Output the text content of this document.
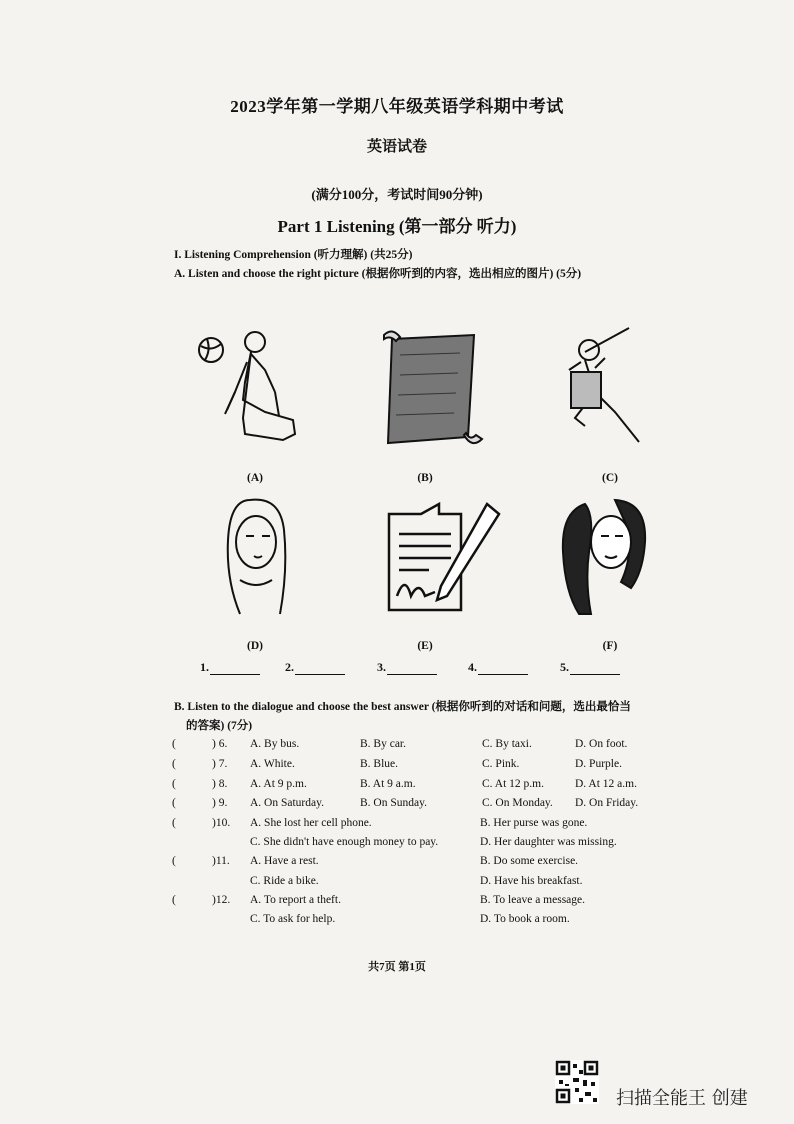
2023学年第一学期八年级英语学科期中考试
英语试卷
(满分100分，考试时间90分钟)
Part 1 Listening (第一部分 听力)
I. Listening Comprehension (听力理解) (共25分)
A. Listen and choose the right picture (根据你听到的内容，选出相应的图片) (5分)
(A)	(B)	(C)
(D)	(E)	(F)
1.	2.	3.	4.	5.
B. Listen to the dialogue and choose the best answer (根据你听到的对话和问题，选出最恰当
的答案) (7分)
(	) 6. A. By bus.	B. By car.	C. By taxi.	D. On foot.
(	) 7. A. White.	B. Blue.	C. Pink.	D. Purple.
(	) 8. A. At 9 p.m.	B. At 9 a.m.	C. At 12 p.m.	D. At 12 a.m.
(	) 9. A. On Saturday.	B. On Sunday.	C. On Monday. D. On Friday.
(	)10. A. She lost her cell phone.	B. Her purse was gone.
C. She didn't have enough money to pay.	D. Her daughter was missing.
(	)11. A. Have a rest.	B. Do some exercise.
C. Ride a bike.	D. Have his breakfast.
(	)12. A. To report a theft.	B. To leave a message.
C. To ask for help.	D. To book a room.
共7页 第1页
扫描全能王 创建
